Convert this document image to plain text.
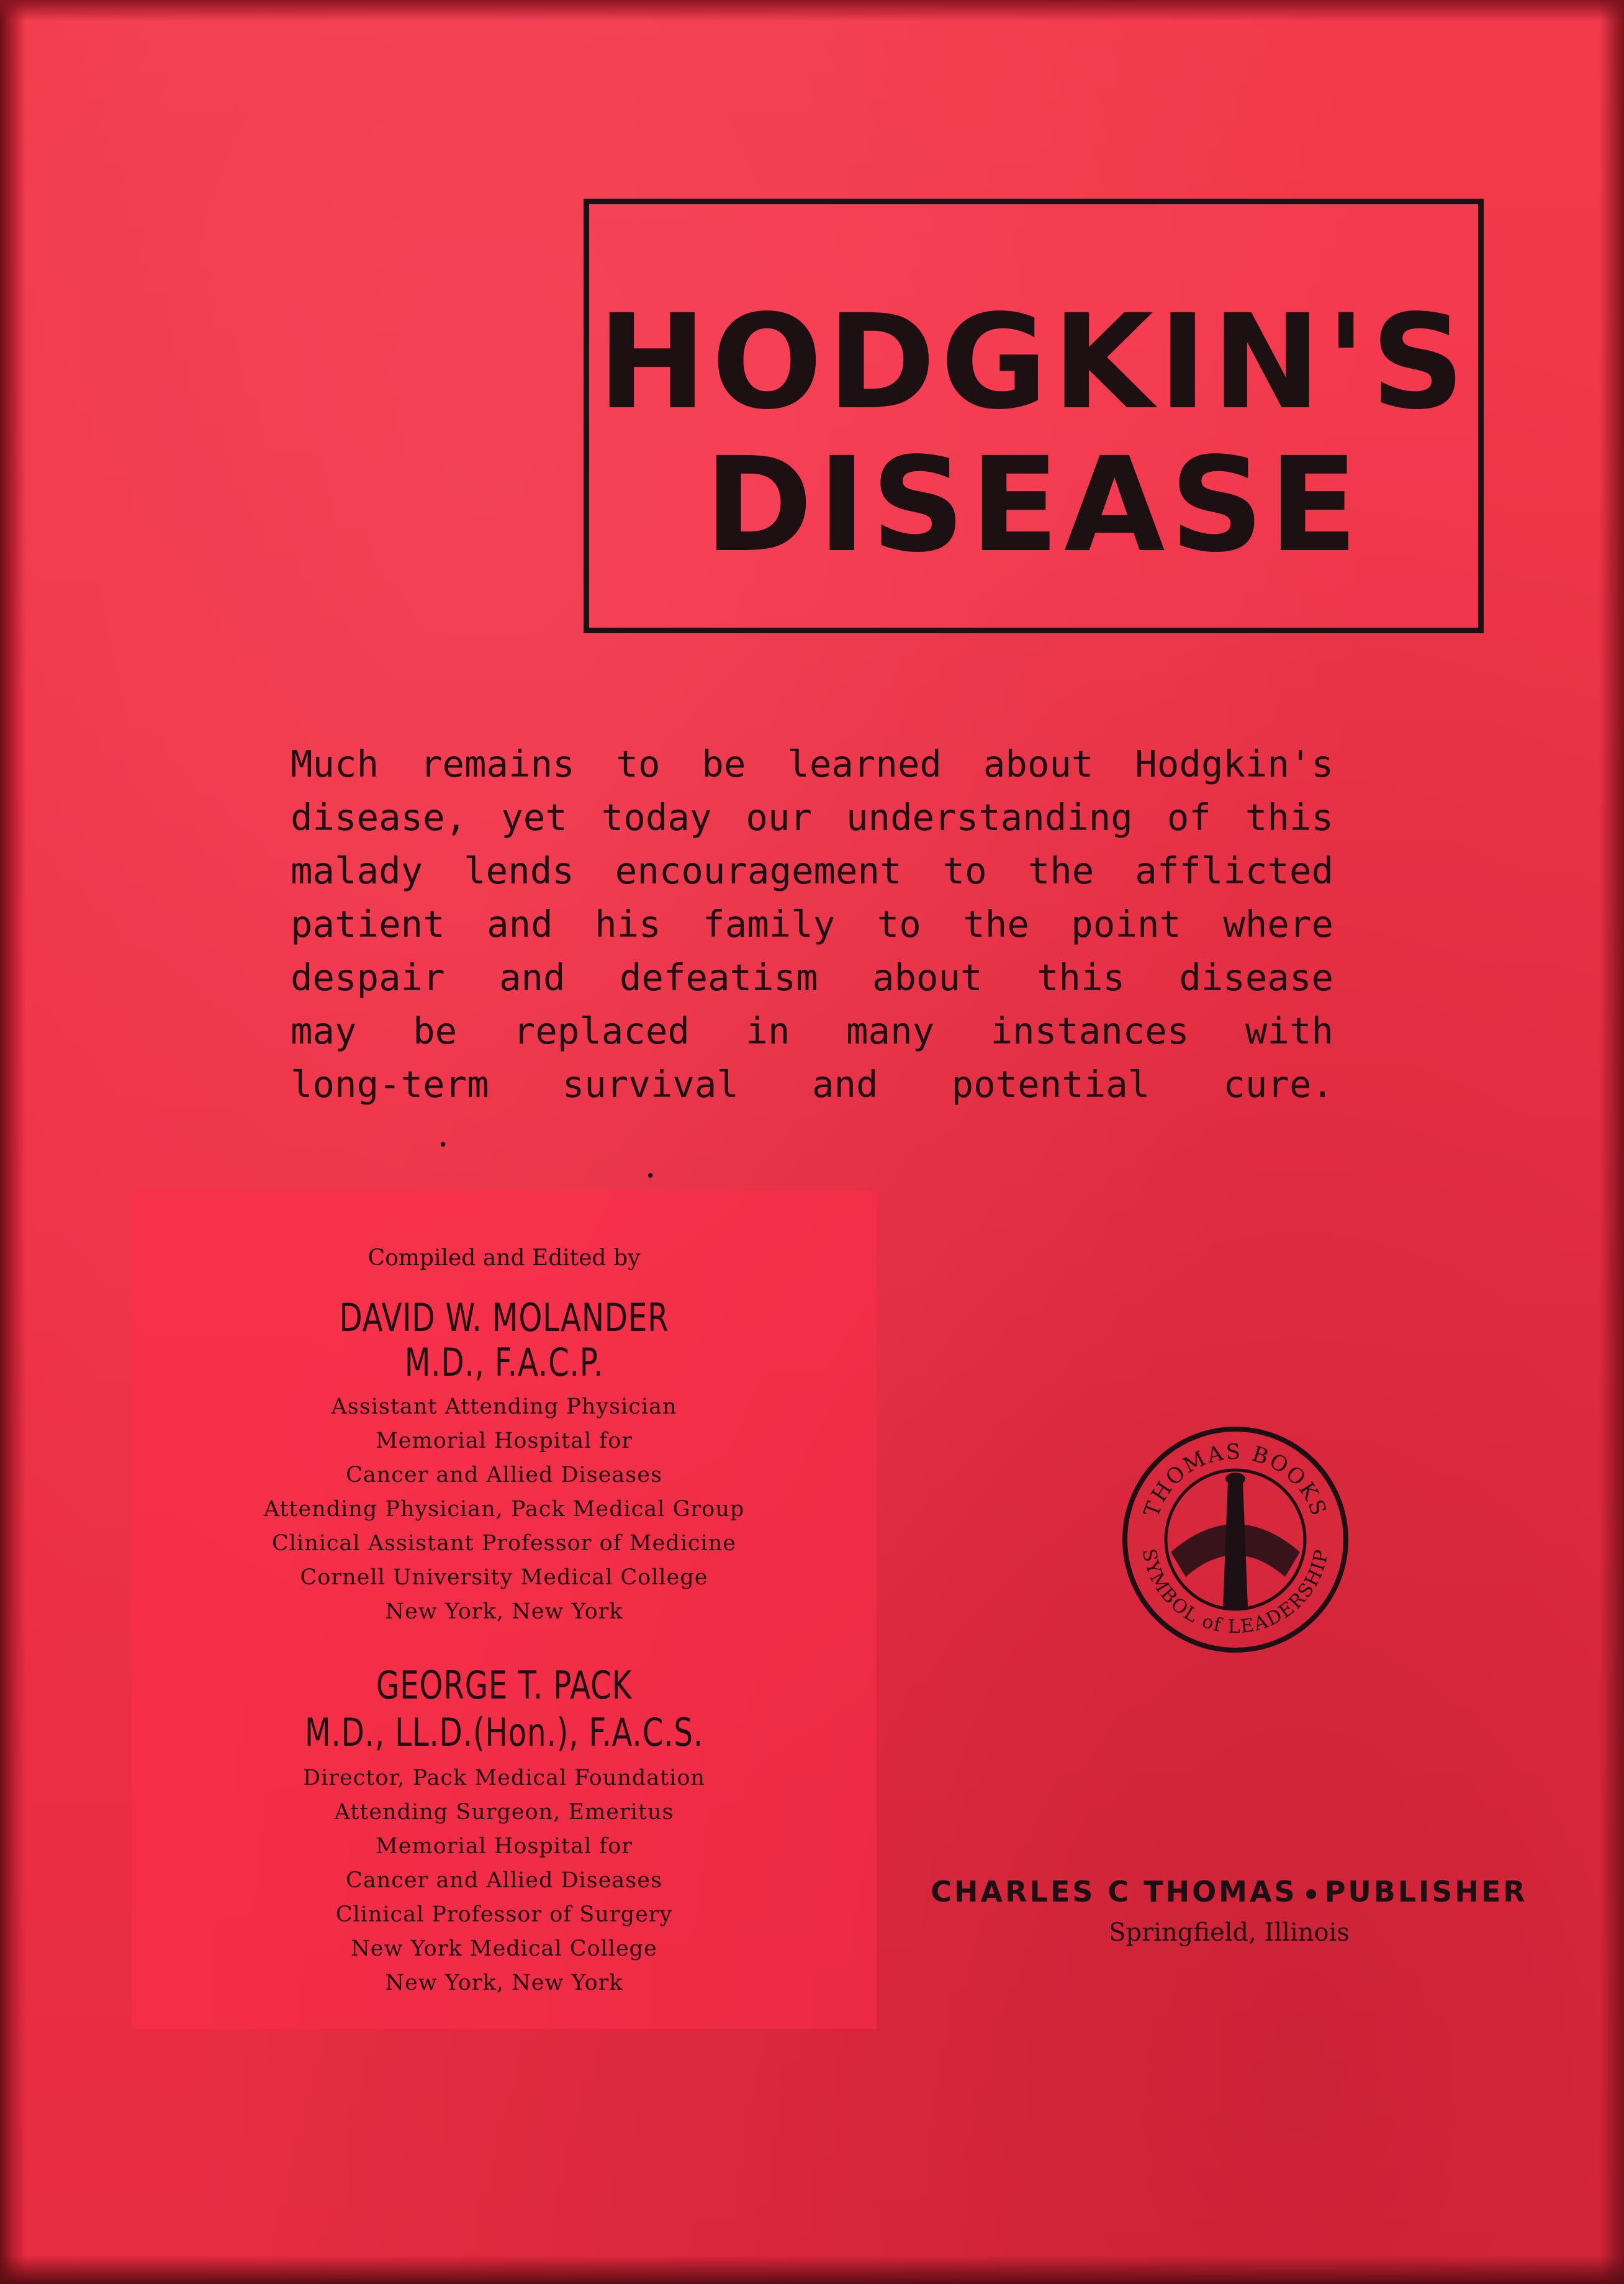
HODGKIN'S
DISEASE
Much remains to be learned about Hodgkin's
disease, yet today our understanding of this
malady lends encouragement to the afflicted
patient and his family to the point where
despair and defeatism about this disease
may be replaced in many instances with
long-term survival and potential cure.
•
•
Compiled and Edited by
DAVID W. MOLANDER
M.D., F.A.C.P.
Assistant Attending Physician
Memorial Hospital for
Cancer and Allied Diseases
Attending Physician, Pack Medical Group
Clinical Assistant Professor of Medicine
Cornell University Medical College
New York, New York
GEORGE T. PACK
M.D., LL.D.(Hon.), F.A.C.S.
Director, Pack Medical Foundation
Attending Surgeon, Emeritus
Memorial Hospital for
Cancer and Allied Diseases
Clinical Professor of Surgery
New York Medical College
New York, New York
THOMAS BOOKS
SYMBOL of LEADERSHIP
CHARLES C THOMAS PUBLISHER
Springfield, Illinois
